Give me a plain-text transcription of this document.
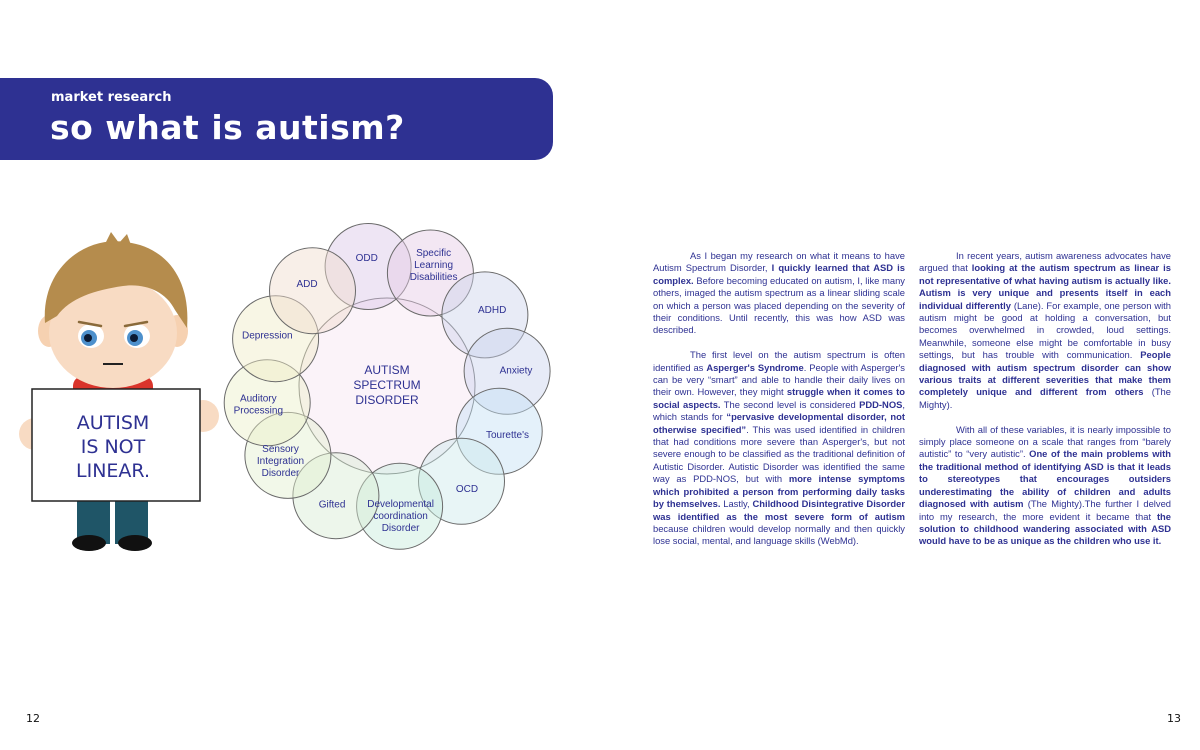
market research
so what is autism?
AUTISM
IS NOT
LINEAR.
ODD	Specific
Learning
Disabilities
ADHD
Anxiety
Tourette's
OCD
Developmental
coordination
Disorder
Gifted
Sensory
Integration
Disorder
Auditory
Processing
Depression
ADD
AUTISM
SPECTRUM
DISORDER

As I began my research on what it means to have Autism Spectrum Disorder, I quickly learned that ASD is complex. Before becoming educated on autism, I, like many others, imaged the autism spectrum as a linear sliding scale on which a person was placed depending on the severity of their conditions. Until recently, this was how ASD was described.

The first level on the autism spectrum is often identified as Asperger's Syndrome. People with Asperger's can be very “smart” and able to handle their daily lives on their own. However, they might struggle when it comes to social aspects. The second level is considered PDD-NOS, which stands for “pervasive developmental disorder, not otherwise specified”. This was used identified in children that had conditions more severe than Asperger's, but not severe enough to be classified as the traditional definition of Autistic Disorder. Autistic Disorder was identified the same way as PDD-NOS, but with more intense symptoms which prohibited a person from performing daily tasks by themselves. Lastly, Childhood Disintegrative Disorder was identified as the most severe form of autism because children would develop normally and then quickly lose social, mental, and language skills (WebMd).

In recent years, autism awareness advocates have argued that looking at the autism spectrum as linear is not representative of what having autism is actually like. Autism is very unique and presents itself in each individual differently (Lane). For example, one person with autism might be good at holding a conversation, but becomes overwhelmed in crowded, loud settings. Meanwhile, someone else might be comfortable in busy settings, but has trouble with communication. People diagnosed with autism spectrum disorder can show various traits at different severities that make them completely unique and different from others (The Mighty).

With all of these variables, it is nearly impossible to simply place someone on a scale that ranges from “barely autistic” to “very autistic”. One of the main problems with the traditional method of identifying ASD is that it leads to stereotypes that encourages outsiders underestimating the ability of children and adults diagnosed with autism (The Mighty).The further I delved into my research, the more evident it became that the solution to childhood wandering associated with ASD would have to be as unique as the children who use it.

12	13
